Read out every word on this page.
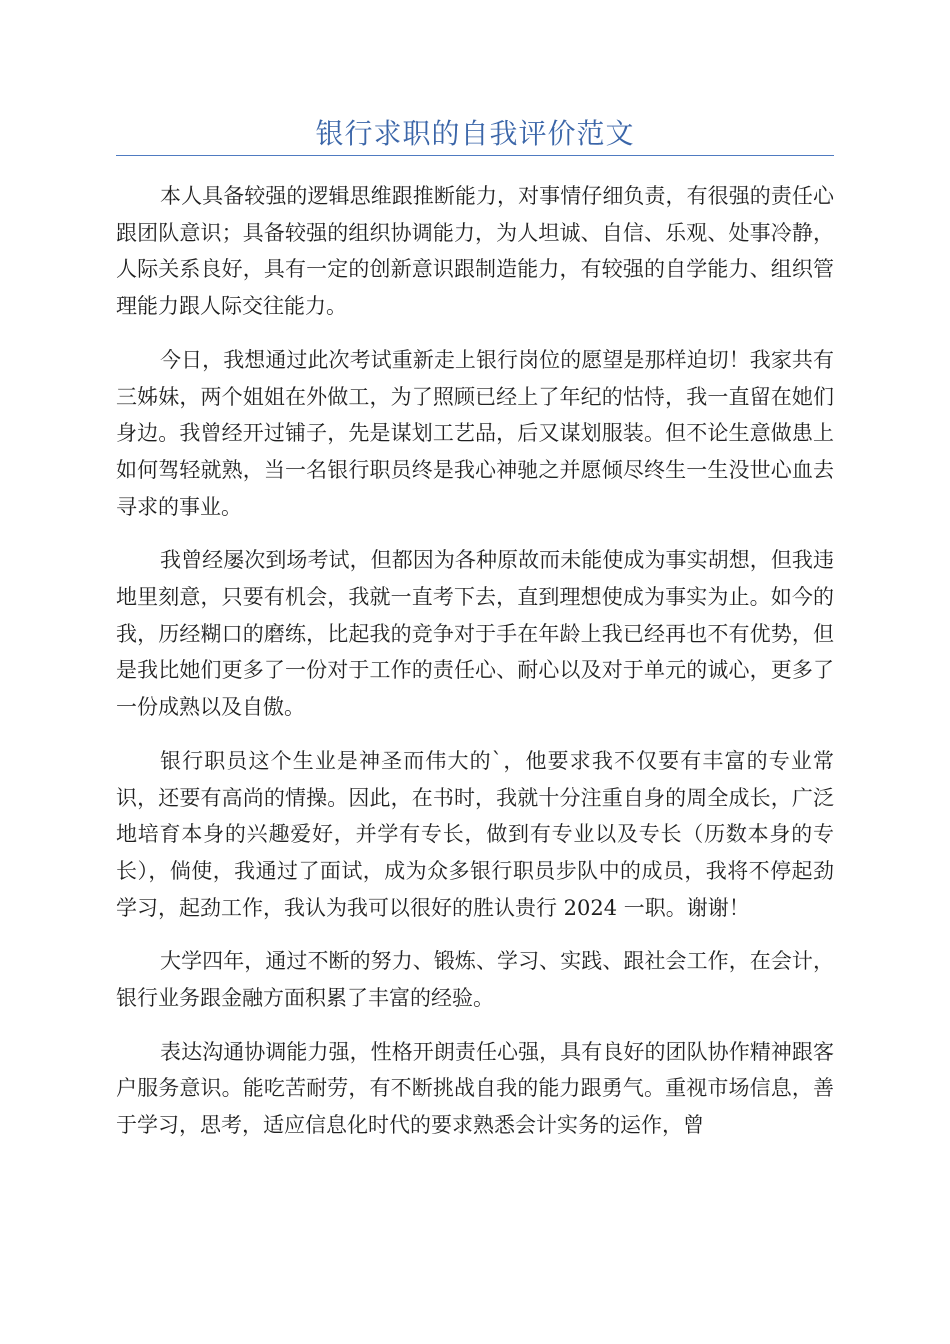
银行求职的自我评价范文

本人具备较强的逻辑思维跟推断能力，对事情仔细负责，有很强的责任心跟团队意识；具备较强的组织协调能力，为人坦诚、自信、乐观、处事冷静，人际关系良好，具有一定的创新意识跟制造能力，有较强的自学能力、组织管理能力跟人际交往能力。

今日，我想通过此次考试重新走上银行岗位的愿望是那样迫切！我家共有三姊妹，两个姐姐在外做工，为了照顾已经上了年纪的怙恃，我一直留在她们身边。我曾经开过铺子，先是谋划工艺品，后又谋划服装。但不论生意做患上如何驾轻就熟，当一名银行职员终是我心神驰之并愿倾尽终生一生没世心血去寻求的事业。

我曾经屡次到场考试，但都因为各种原故而未能使成为事实胡想，但我违地里刻意，只要有机会，我就一直考下去，直到理想使成为事实为止。如今的我，历经糊口的磨练，比起我的竞争对于手在年龄上我已经再也不有优势，但是我比她们更多了一份对于工作的责任心、耐心以及对于单元的诚心，更多了一份成熟以及自傲。

银行职员这个生业是神圣而伟大的`，他要求我不仅要有丰富的专业常识，还要有高尚的情操。因此，在书时，我就十分注重自身的周全成长，广泛地培育本身的兴趣爱好，并学有专长，做到有专业以及专长（历数本身的专长），倘使，我通过了面试，成为众多银行职员步队中的成员，我将不停起劲学习，起劲工作，我认为我可以很好的胜认贵行 2024 一职。谢谢！

大学四年，通过不断的努力、锻炼、学习、实践、跟社会工作，在会计，银行业务跟金融方面积累了丰富的经验。

表达沟通协调能力强，性格开朗责任心强，具有良好的团队协作精神跟客户服务意识。能吃苦耐劳，有不断挑战自我的能力跟勇气。重视市场信息，善于学习，思考，适应信息化时代的要求熟悉会计实务的运作，曾
